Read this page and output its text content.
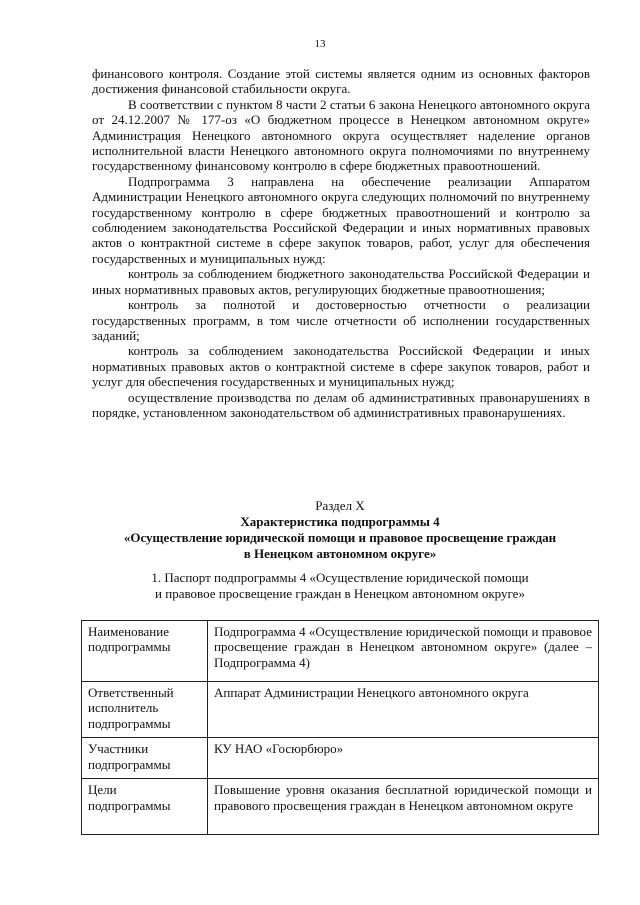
13

финансового контроля. Создание этой системы является одним из основных факторов достижения финансовой стабильности округа.

В соответствии с пунктом 8 части 2 статьи 6 закона Ненецкого автономного округа от 24.12.2007 № 177-оз «О бюджетном процессе в Ненецком автономном округе» Администрация Ненецкого автономного округа осуществляет наделение органов исполнительной власти Ненецкого автономного округа полномочиями по внутреннему государственному финансовому контролю в сфере бюджетных правоотношений.

Подпрограмма 3 направлена на обеспечение реализации Аппаратом Администрации Ненецкого автономного округа следующих полномочий по внутреннему государственному контролю в сфере бюджетных правоотношений и контролю за соблюдением законодательства Российской Федерации и иных нормативных правовых актов о контрактной системе в сфере закупок товаров, работ, услуг для обеспечения государственных и муниципальных нужд:

контроль за соблюдением бюджетного законодательства Российской Федерации и иных нормативных правовых актов, регулирующих бюджетные правоотношения;

контроль за полнотой и достоверностью отчетности о реализации государственных программ, в том числе отчетности об исполнении государственных заданий;

контроль за соблюдением законодательства Российской Федерации и иных нормативных правовых актов о контрактной системе в сфере закупок товаров, работ и услуг для обеспечения государственных и муниципальных нужд;

осуществление производства по делам об административных правонарушениях в порядке, установленном законодательством об административных правонарушениях.

Раздел X

Характеристика подпрограммы 4

«Осуществление юридической помощи и правовое просвещение граждан

в Ненецком автономном округе»

1. Паспорт подпрограммы 4 «Осуществление юридической помощи

и правовое просвещение граждан в Ненецком автономном округе»

Наименование подпрограммы	Подпрограмма 4 «Осуществление юридической помощи и правовое просвещение граждан в Ненецком автономном округе» (далее – Подпрограмма 4)
Ответственный исполнитель подпрограммы	Аппарат Администрации Ненецкого автономного округа
Участники подпрограммы	КУ НАО «Госюрбюро»
Цели подпрограммы	Повышение уровня оказания бесплатной юридической помощи и правового просвещения граждан в Ненецком автономном округе
